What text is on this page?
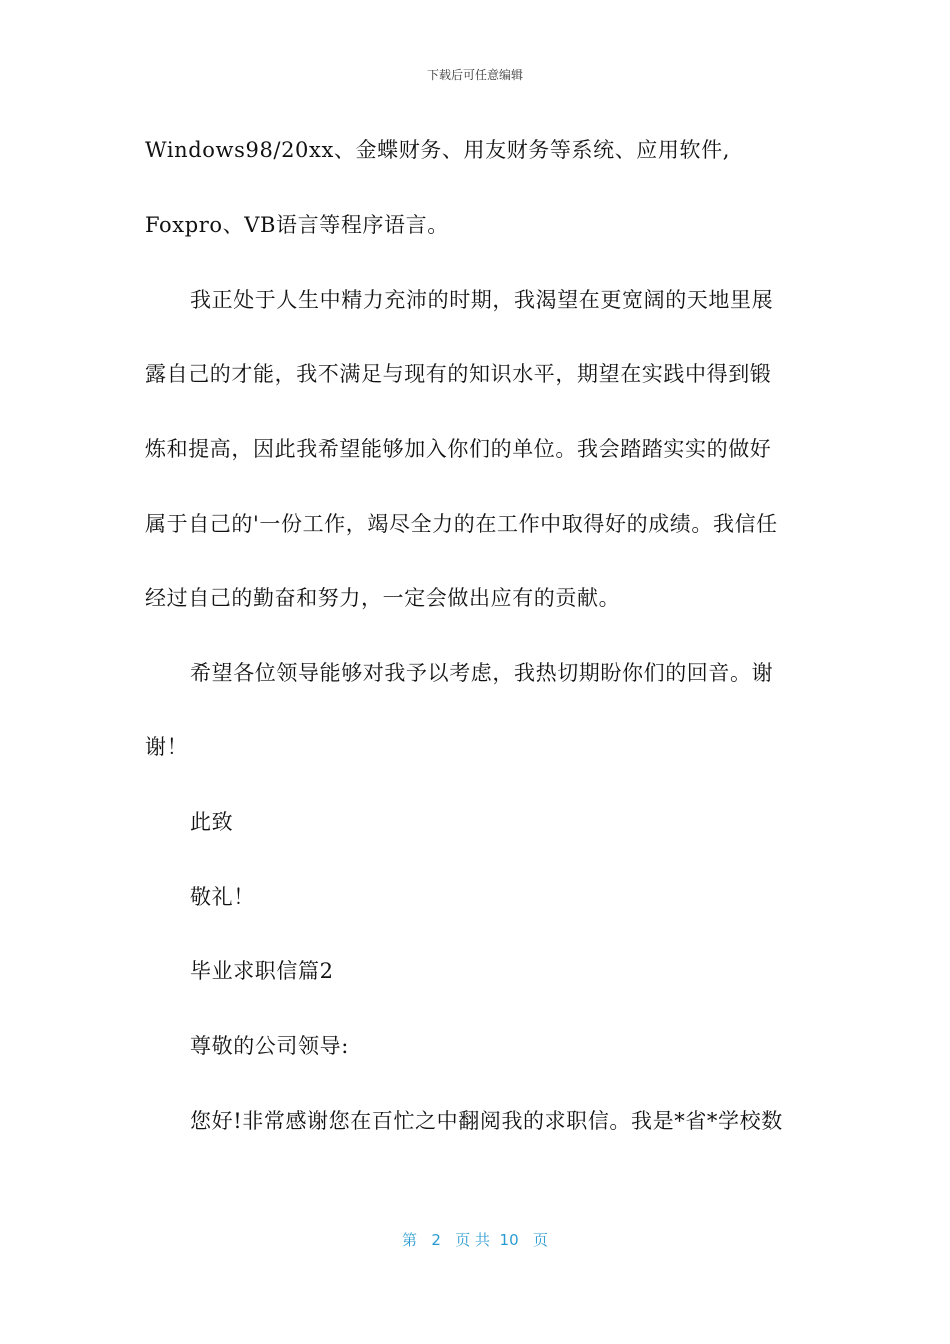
下载后可任意编辑
Windows98/20xx、金蝶财务、用友财务等系统、应用软件,
Foxpro、VB语言等程序语言。
我正处于人生中精力充沛的时期，我渴望在更宽阔的天地里展
露自己的才能，我不满足与现有的知识水平，期望在实践中得到锻
炼和提高，因此我希望能够加入你们的单位。我会踏踏实实的做好
属于自己的'一份工作，竭尽全力的在工作中取得好的成绩。我信任
经过自己的勤奋和努力，一定会做出应有的贡献。
希望各位领导能够对我予以考虑，我热切期盼你们的回音。谢
谢！
此致
敬礼！
毕业求职信篇2
尊敬的公司领导:
您好!非常感谢您在百忙之中翻阅我的求职信。我是*省*学校数
第 2 页 共 10 页
